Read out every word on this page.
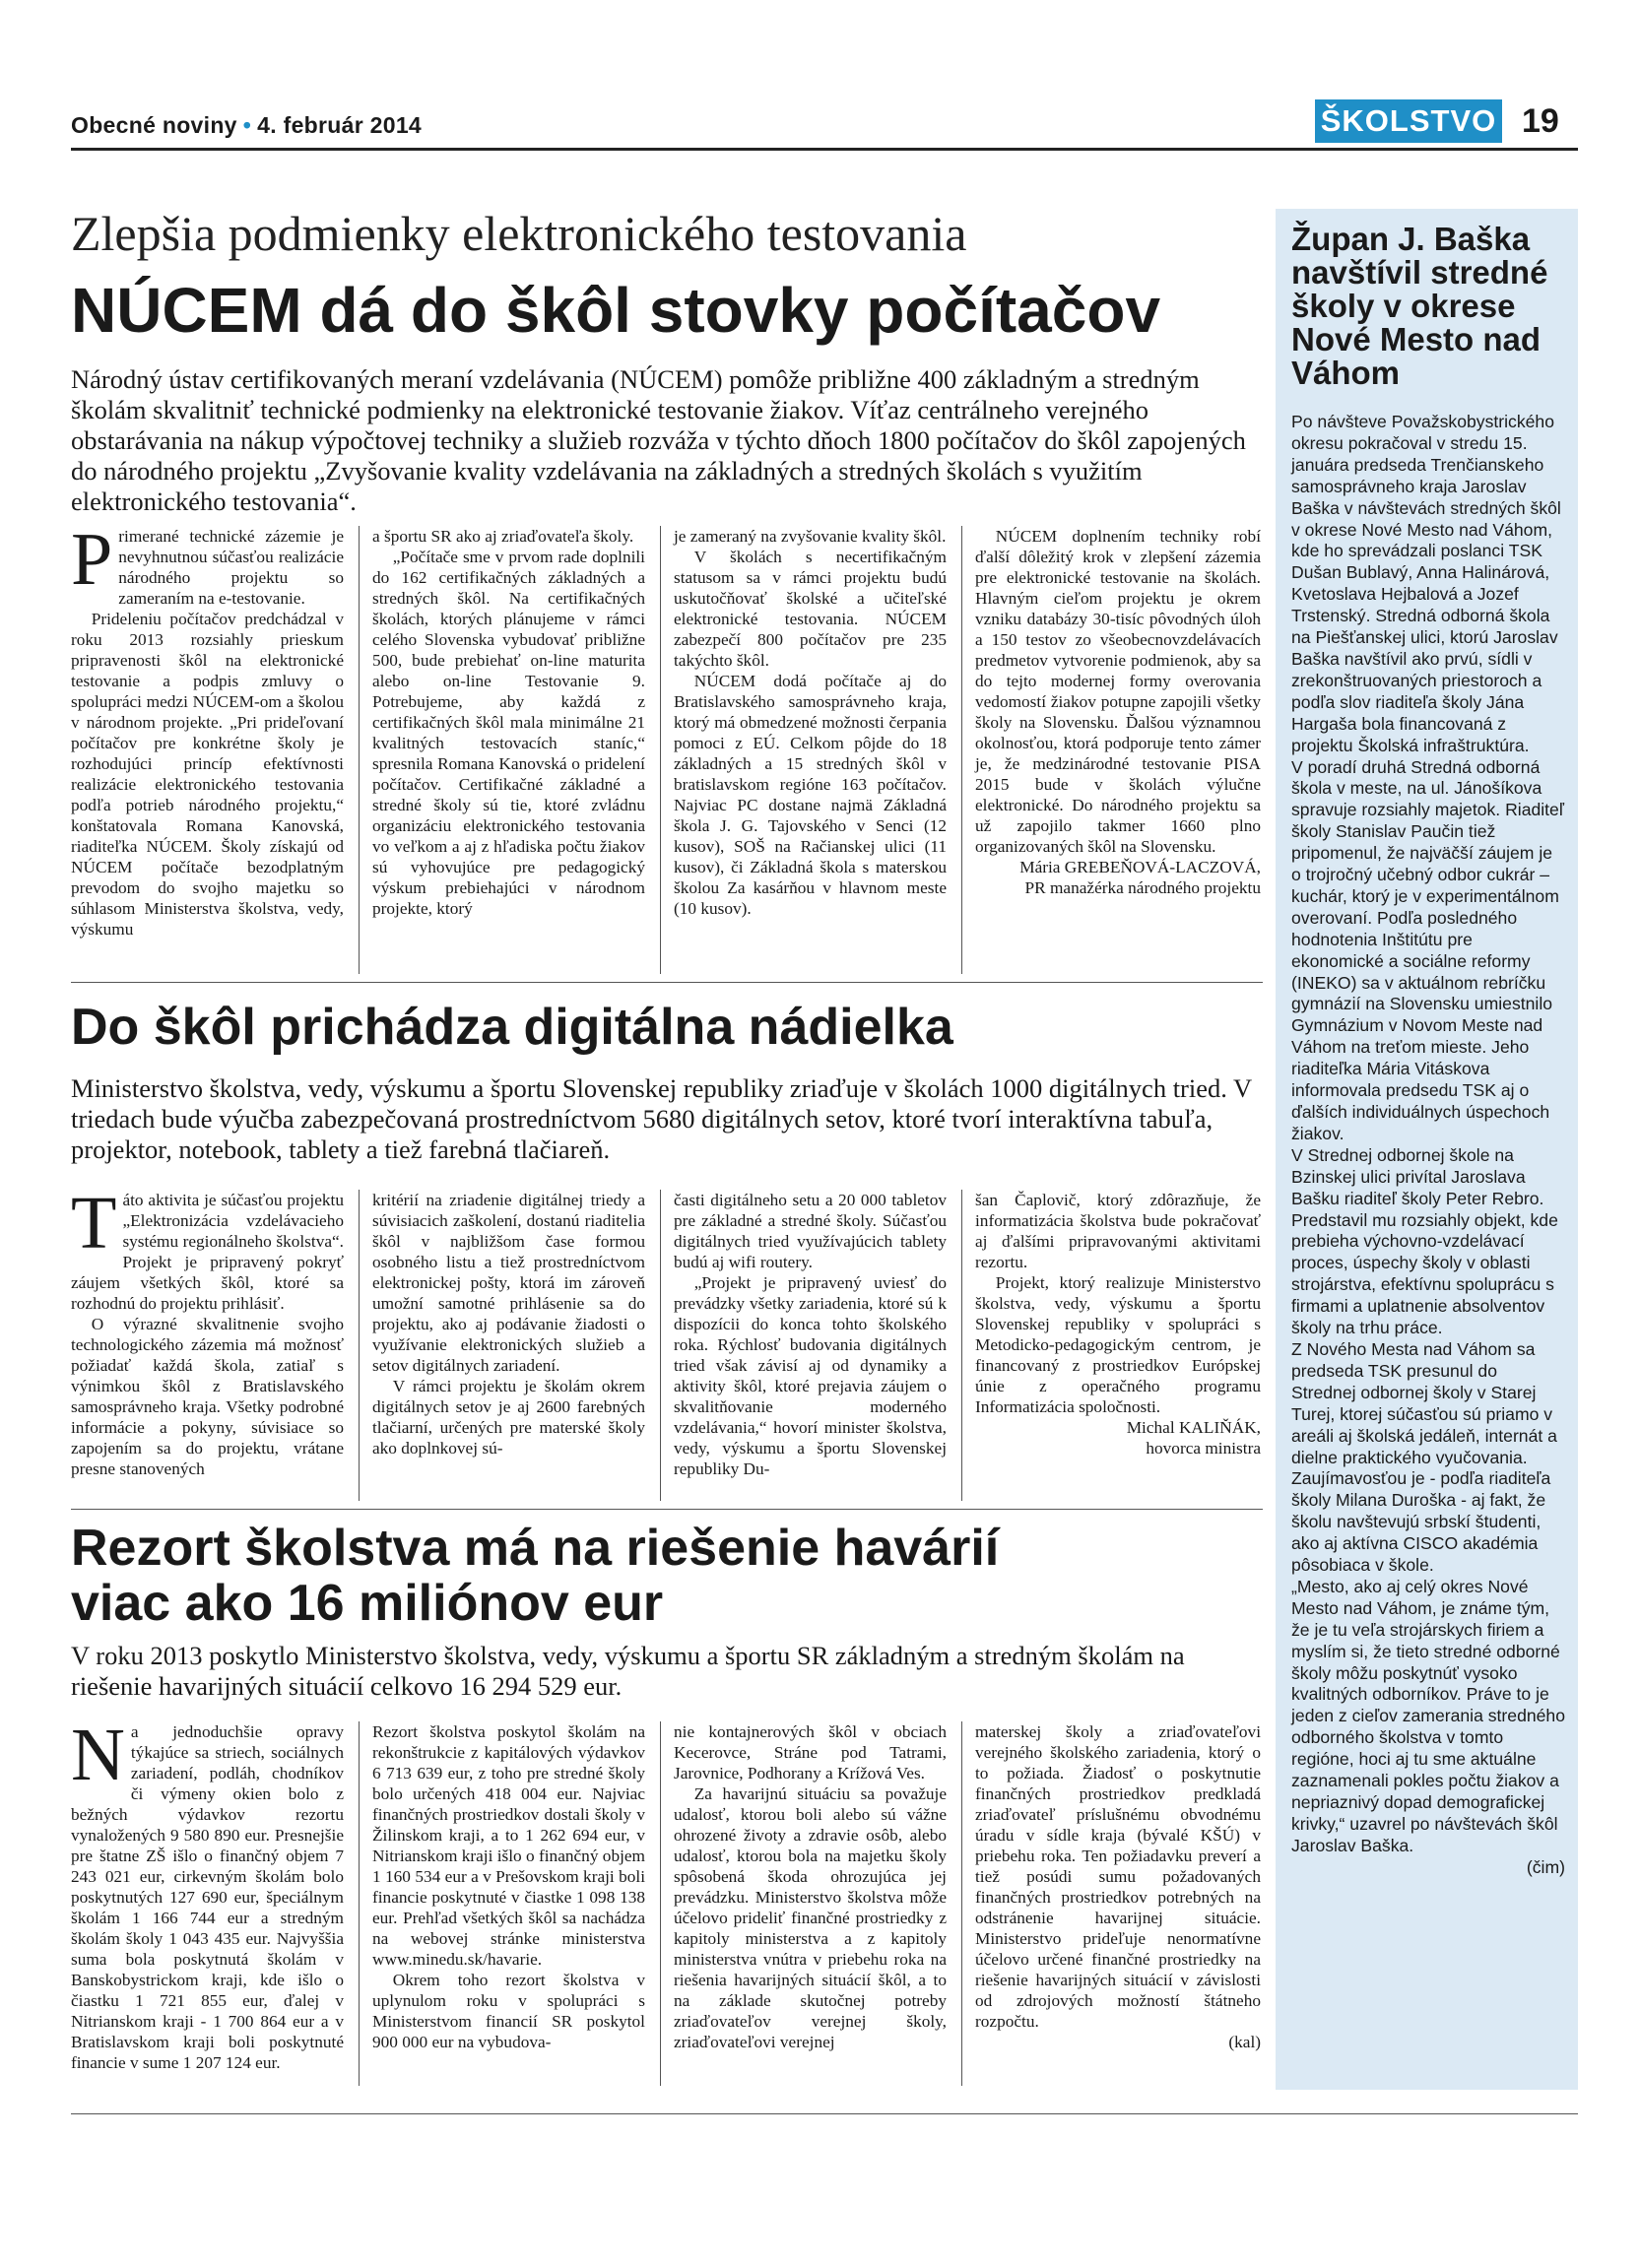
Obecné noviny • 4. február 2014	ŠKOLSTVO 19
Zlepšia podmienky elektronického testovania
NÚCEM dá do škôl stovky počítačov
Národný ústav certifikovaných meraní vzdelávania (NÚCEM) pomôže približne 400 základným a stredným školám skvalitniť technické podmienky na elektronické testovanie žiakov. Víťaz centrálneho verejného obstarávania na nákup výpočtovej techniky a služieb rozváža v týchto dňoch 1800 počítačov do škôl zapojených do národného projektu „Zvyšovanie kvality vzdelávania na základných a stredných školách s využitím elektronického testovania“.

Primerané technické zázemie je nevyhnutnou súčasťou realizácie národného projektu so zameraním na e-testovanie.

Prideleniu počítačov predchádzal v roku 2013 rozsiahly prieskum pripravenosti škôl na elektronické testovanie a podpis zmluvy o spolupráci medzi NÚCEM-om a školou v národnom projekte. „Pri prideľovaní počítačov pre konkrétne školy je rozhodujúci princíp efektívnosti realizácie elektronického testovania podľa potrieb národného projektu,“ konštatovala Romana Kanovská, riaditeľka NÚCEM. Školy získajú od NÚCEM počítače bezodplatným prevodom do svojho majetku so súhlasom Ministerstva školstva, vedy, výskumu

a športu SR ako aj zriaďovateľa školy.

„Počítače sme v prvom rade doplnili do 162 certifikačných základných a stredných škôl. Na certifikačných školách, ktorých plánujeme v rámci celého Slovenska vybudovať približne 500, bude prebiehať on-line maturita alebo on-line Testovanie 9. Potrebujeme, aby každá z certifikačných škôl mala minimálne 21 kvalitných testovacích staníc,“ spresnila Romana Kanovská o pridelení počítačov. Certifikačné základné a stredné školy sú tie, ktoré zvládnu organizáciu elektronického testovania vo veľkom a aj z hľadiska počtu žiakov sú vyhovujúce pre pedagogický výskum prebiehajúci v národnom projekte, ktorý

je zameraný na zvyšovanie kvality škôl.

V školách s necertifikačným statusom sa v rámci projektu budú uskutočňovať školské a učiteľské elektronické testovania. NÚCEM zabezpečí 800 počítačov pre 235 takýchto škôl.

NÚCEM dodá počítače aj do Bratislavského samosprávneho kraja, ktorý má obmedzené možnosti čerpania pomoci z EÚ. Celkom pôjde do 18 základných a 15 stredných škôl v bratislavskom regióne 163 počítačov. Najviac PC dostane najmä Základná škola J. G. Tajovského v Senci (12 kusov), SOŠ na Račianskej ulici (11 kusov), či Základná škola s materskou školou Za kasárňou v hlavnom meste (10 kusov).

NÚCEM doplnením techniky robí ďalší dôležitý krok v zlepšení zázemia pre elektronické testovanie na školách. Hlavným cieľom projektu je okrem vzniku databázy 30-tisíc pôvodných úloh a 150 testov zo všeobecnovzdelávacích predmetov vytvorenie podmienok, aby sa do tejto modernej formy overovania vedomostí žiakov potupne zapojili všetky školy na Slovensku. Ďalšou významnou okolnosťou, ktorá podporuje tento zámer je, že medzinárodné testovanie PISA 2015 bude v školách výlučne elektronické. Do národného projektu sa už zapojilo takmer 1660 plno organizovaných škôl na Slovensku.

Mária GREBEŇOVÁ-LACZOVÁ,

PR manažérka národného projektu

Do škôl prichádza digitálna nádielka
Ministerstvo školstva, vedy, výskumu a športu Slovenskej republiky zriaďuje v školách 1000 digitálnych tried. V triedach bude výučba zabezpečovaná prostredníctvom 5680 digitálnych setov, ktoré tvorí interaktívna tabuľa, projektor, notebook, tablety a tiež farebná tlačiareň.

Táto aktivita je súčasťou projektu „Elektronizácia vzdelávacieho systému regionálneho školstva“. Projekt je pripravený pokryť záujem všetkých škôl, ktoré sa rozhodnú do projektu prihlásiť.

O výrazné skvalitnenie svojho technologického zázemia má možnosť požiadať každá škola, zatiaľ s výnimkou škôl z Bratislavského samosprávneho kraja. Všetky podrobné informácie a pokyny, súvisiace so zapojením sa do projektu, vrátane presne stanovených

kritérií na zriadenie digitálnej triedy a súvisiacich zaškolení, dostanú riaditelia škôl v najbližšom čase formou osobného listu a tiež prostredníctvom elektronickej pošty, ktorá im zároveň umožní samotné prihlásenie sa do projektu, ako aj podávanie žiadosti o využívanie elektronických služieb a setov digitálnych zariadení.

V rámci projektu je školám okrem digitálnych setov je aj 2600 farebných tlačiarní, určených pre materské školy ako doplnkovej sú-

časti digitálneho setu a 20 000 tabletov pre základné a stredné školy. Súčasťou digitálnych tried využívajúcich tablety budú aj wifi routery.

„Projekt je pripravený uviesť do prevádzky všetky zariadenia, ktoré sú k dispozícii do konca tohto školského roka. Rýchlosť budovania digitálnych tried však závisí aj od dynamiky a aktivity škôl, ktoré prejavia záujem o skvalitňovanie moderného vzdelávania,“ hovorí minister školstva, vedy, výskumu a športu Slovenskej republiky Du-

šan Čaplovič, ktorý zdôrazňuje, že informatizácia školstva bude pokračovať aj ďalšími pripravovanými aktivitami rezortu.

Projekt, ktorý realizuje Ministerstvo školstva, vedy, výskumu a športu Slovenskej republiky v spolupráci s Metodicko-pedagogickým centrom, je financovaný z prostriedkov Európskej únie z operačného programu Informatizácia spoločnosti.

Michal KALIŇÁK,

hovorca ministra

Rezort školstva má na riešenie havárií
viac ako 16 miliónov eur
V roku 2013 poskytlo Ministerstvo školstva, vedy, výskumu a športu SR základným a stredným školám na riešenie havarijných situácií celkovo 16 294 529 eur.

Na jednoduchšie opravy týkajúce sa striech, sociálnych zariadení, podláh, chodníkov či výmeny okien bolo z bežných výdavkov rezortu vynaložených 9 580 890 eur. Presnejšie pre štatne ZŠ išlo o finančný objem 7 243 021 eur, cirkevným školám bolo poskytnutých 127 690 eur, špeciálnym školám 1 166 744 eur a stredným školám školy 1 043 435 eur. Najvyššia suma bola poskytnutá školám v Banskobystrickom kraji, kde išlo o čiastku 1 721 855 eur, ďalej v Nitrianskom kraji - 1 700 864 eur a v Bratislavskom kraji boli poskytnuté financie v sume 1 207 124 eur.

Rezort školstva poskytol školám na rekonštrukcie z kapitálových výdavkov 6 713 639 eur, z toho pre stredné školy bolo určených 418 004 eur. Najviac finančných prostriedkov dostali školy v Žilinskom kraji, a to 1 262 694 eur, v Nitrianskom kraji išlo o finančný objem 1 160 534 eur a v Prešovskom kraji boli financie poskytnuté v čiastke 1 098 138 eur. Prehľad všetkých škôl sa nachádza na webovej stránke ministerstva www.minedu.sk/havarie.

Okrem toho rezort školstva v uplynulom roku v spolupráci s Ministerstvom financií SR poskytol 900 000 eur na vybudova-

nie kontajnerových škôl v obciach Kecerovce, Stráne pod Tatrami, Jarovnice, Podhorany a Krížová Ves.

Za havarijnú situáciu sa považuje udalosť, ktorou boli alebo sú vážne ohrozené životy a zdravie osôb, alebo udalosť, ktorou bola na majetku školy spôsobená škoda ohrozujúca jej prevádzku. Ministerstvo školstva môže účelovo prideliť finančné prostriedky z kapitoly ministerstva a z kapitoly ministerstva vnútra v priebehu roka na riešenia havarijných situácií škôl, a to na základe skutočnej potreby zriaďovateľov verejnej školy, zriaďovateľovi verejnej

materskej školy a zriaďovateľovi verejného školského zariadenia, ktorý o to požiada. Žiadosť o poskytnutie finančných prostriedkov predkladá zriaďovateľ príslušnému obvodnému úradu v sídle kraja (bývalé KŠÚ) v priebehu roka. Ten požiadavku preverí a tiež posúdi sumu požadovaných finančných prostriedkov potrebných na odstránenie havarijnej situácie. Ministerstvo prideľuje nenormatívne účelovo určené finančné prostriedky na riešenie havarijných situácií v závislosti od zdrojových možností štátneho rozpočtu.

(kal)

Župan J. Baška navštívil stredné školy v okrese Nové Mesto nad Váhom

Po návšteve Považskobystrického okresu pokračoval v stredu 15. januára predseda Trenčianskeho samosprávneho kraja Jaroslav Baška v návštevách stredných škôl v okrese Nové Mesto nad Váhom, kde ho sprevádzali poslanci TSK Dušan Bublavý, Anna Halinárová, Kvetoslava Hejbalová a Jozef Trstenský. Stredná odborná škola na Piešťanskej ulici, ktorú Jaroslav Baška navštívil ako prvú, sídli v zrekonštruovaných priestoroch a podľa slov riaditeľa školy Jána Hargaša bola financovaná z projektu Školská infraštruktúra.

V poradí druhá Stredná odborná škola v meste, na ul. Jánošíkova spravuje rozsiahly majetok. Riaditeľ školy Stanislav Paučin tiež pripomenul, že najväčší záujem je o trojročný učebný odbor cukrár – kuchár, ktorý je v experimentálnom overovaní. Podľa posledného hodnotenia Inštitútu pre ekonomické a sociálne reformy (INEKO) sa v aktuálnom rebríčku gymnázií na Slovensku umiestnilo Gymnázium v Novom Meste nad Váhom na treťom mieste. Jeho riaditeľka Mária Vitáskova informovala predsedu TSK aj o ďalších individuálnych úspechoch žiakov.

V Strednej odbornej škole na Bzinskej ulici privítal Jaroslava Bašku riaditeľ školy Peter Rebro. Predstavil mu rozsiahly objekt, kde prebieha výchovno-vzdelávací proces, úspechy školy v oblasti strojárstva, efektívnu spoluprácu s firmami a uplatnenie absolventov školy na trhu práce.

Z Nového Mesta nad Váhom sa predseda TSK presunul do Strednej odbornej školy v Starej Turej, ktorej súčasťou sú priamo v areáli aj školská jedáleň, internát a dielne praktického vyučovania. Zaujímavosťou je - podľa riaditeľa školy Milana Duroška - aj fakt, že školu navštevujú srbskí študenti, ako aj aktívna CISCO akadémia pôsobiaca v škole.

„Mesto, ako aj celý okres Nové Mesto nad Váhom, je známe tým, že je tu veľa strojárskych firiem a myslím si, že tieto stredné odborné školy môžu poskytnúť vysoko kvalitných odborníkov. Práve to je jeden z cieľov zamerania stredného odborného školstva v tomto regióne, hoci aj tu sme aktuálne zaznamenali pokles počtu žiakov a nepriaznivý dopad demografickej krivky,“ uzavrel po návštevách škôl Jaroslav Baška.

(čim)
